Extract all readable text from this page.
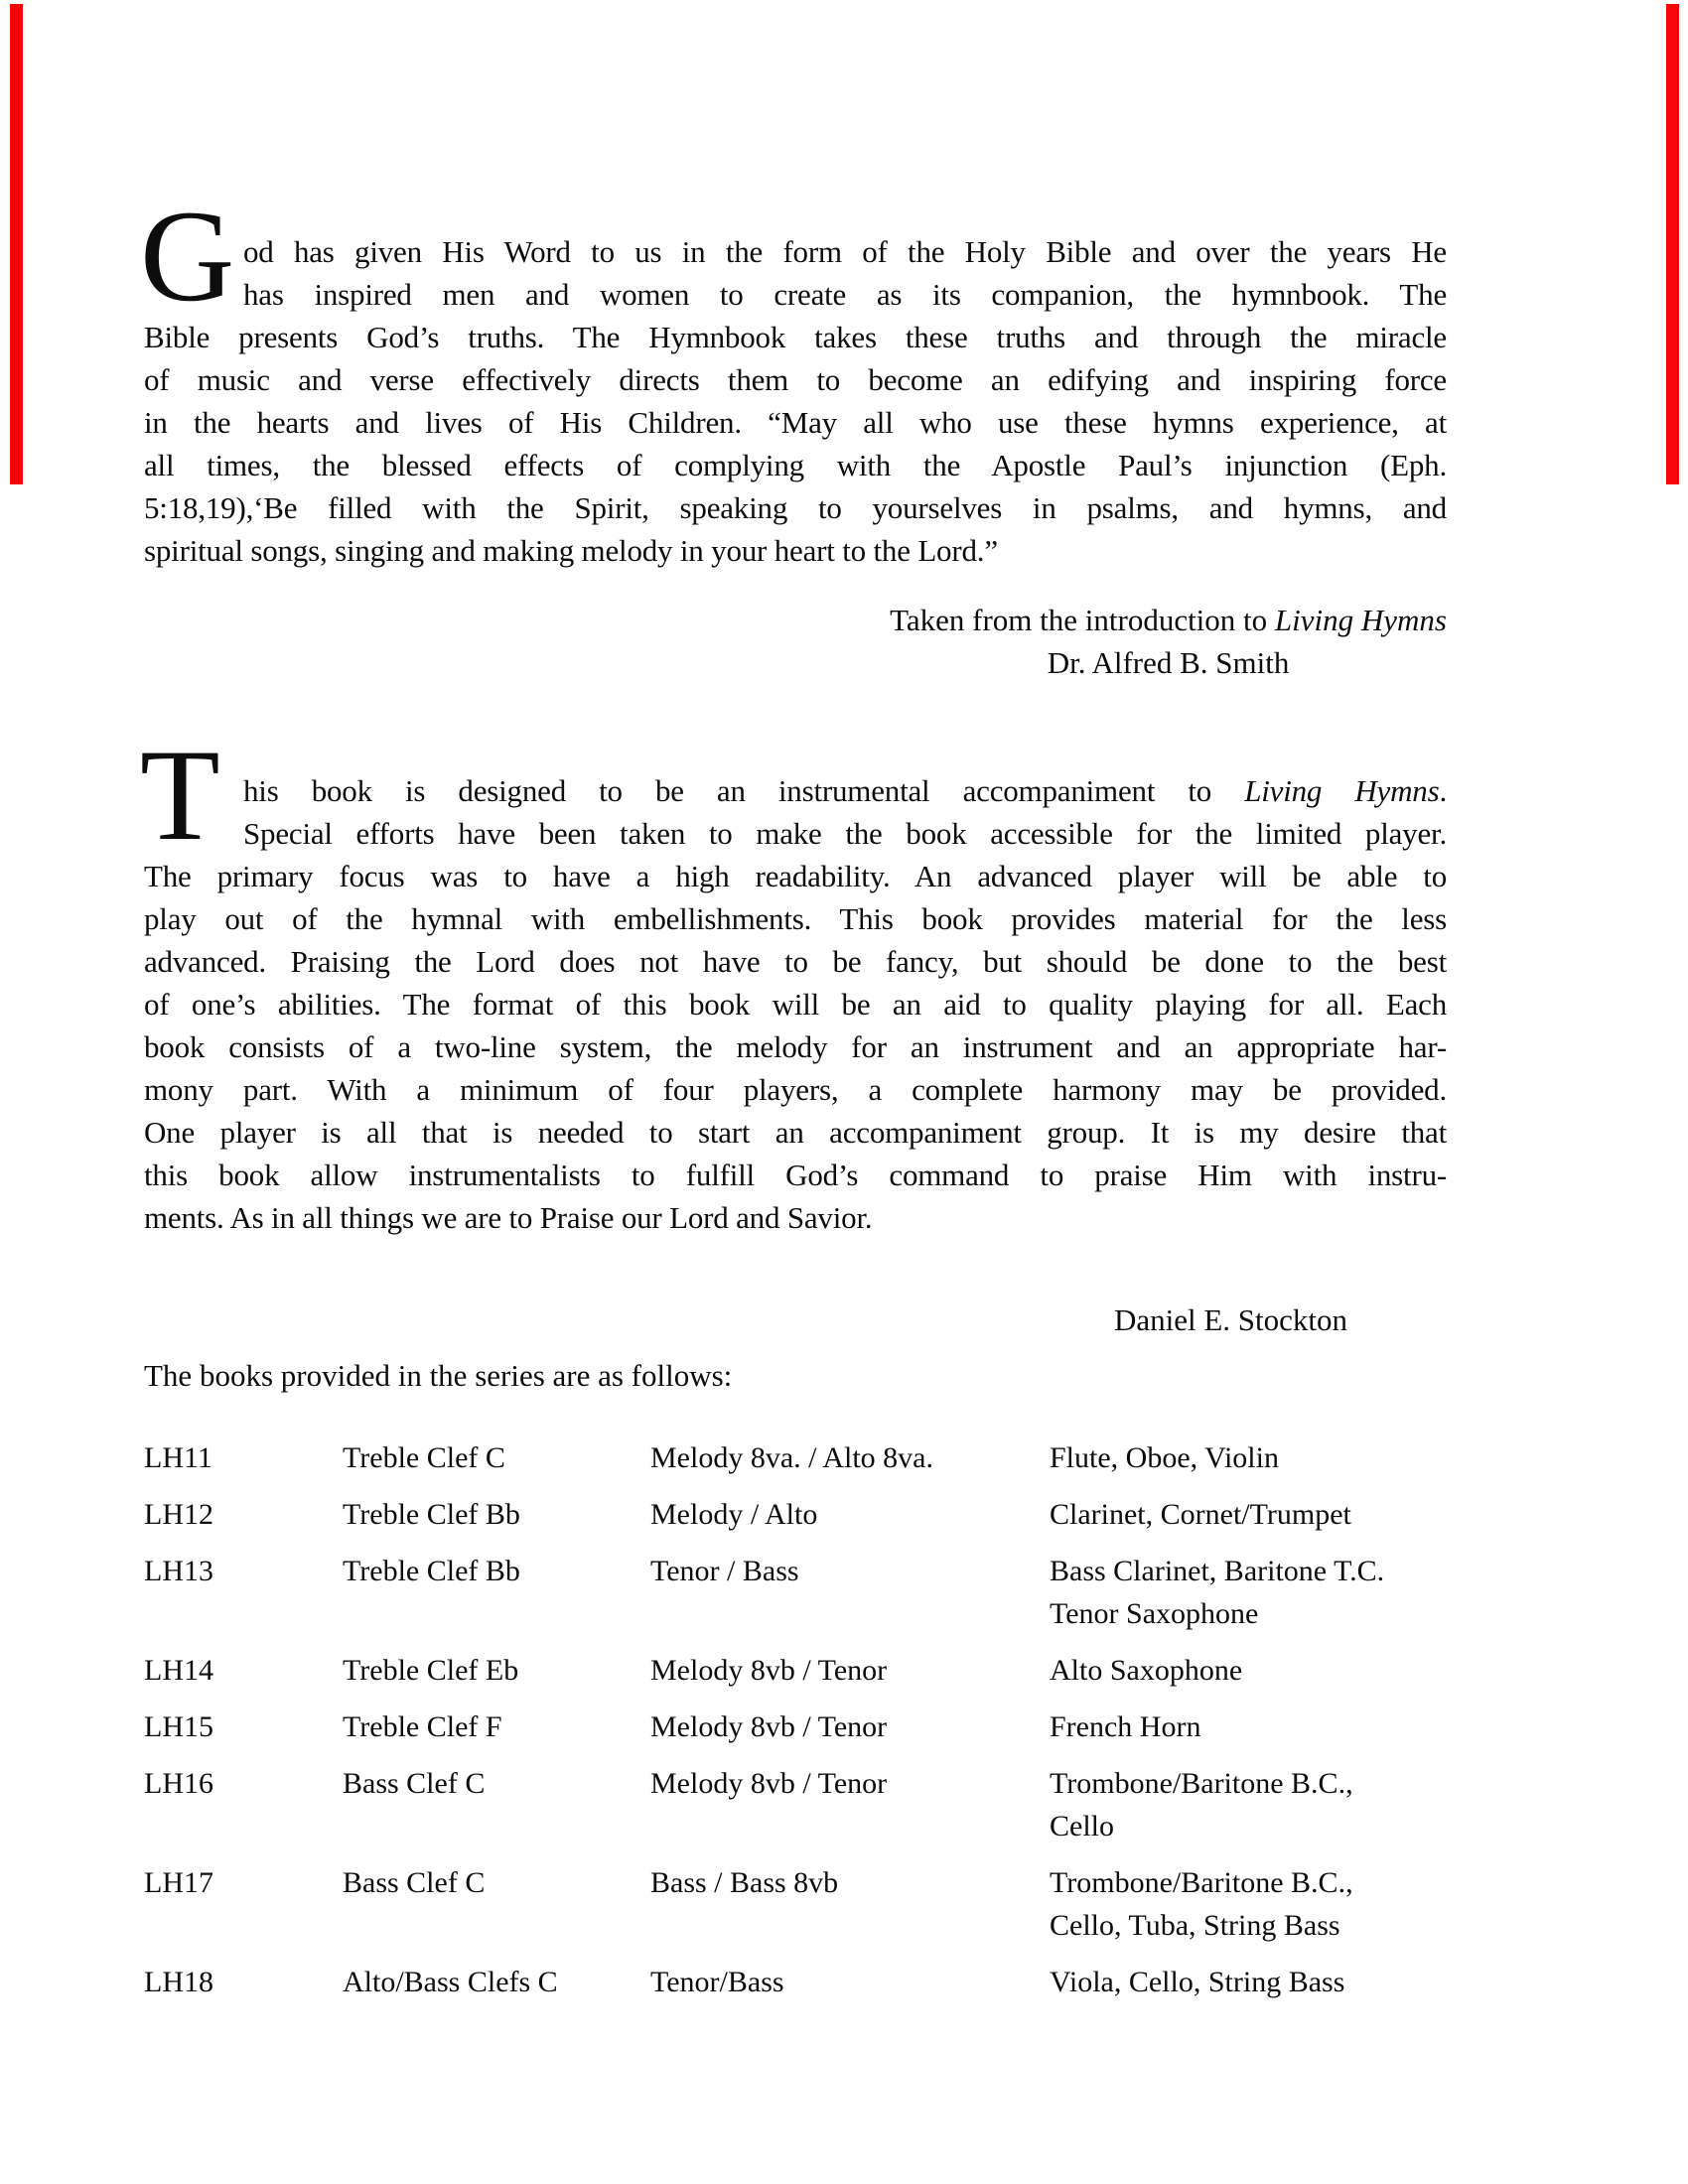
G od has given His Word to us in the form of the Holy Bible and over the years He
has inspired men and women to create as its companion, the hymnbook. The
Bible presents God’s truths. The Hymnbook takes these truths and through the miracle
of music and verse effectively directs them to become an edifying and inspiring force
in the hearts and lives of His Children. “May all who use these hymns experience, at
all times, the blessed effects of complying with the Apostle Paul’s injunction (Eph.
5:18,19),‘Be filled with the Spirit, speaking to yourselves in psalms, and hymns, and
spiritual songs, singing and making melody in your heart to the Lord.”
Taken from the introduction to Living Hymns
Dr. Alfred B. Smith
T his book is designed to be an instrumental accompaniment to Living Hymns.
Special efforts have been taken to make the book accessible for the limited player.
The primary focus was to have a high readability. An advanced player will be able to
play out of the hymnal with embellishments. This book provides material for the less
advanced. Praising the Lord does not have to be fancy, but should be done to the best
of one’s abilities. The format of this book will be an aid to quality playing for all. Each
book consists of a two-line system, the melody for an instrument and an appropriate har-
mony part. With a minimum of four players, a complete harmony may be provided.
One player is all that is needed to start an accompaniment group. It is my desire that
this book allow instrumentalists to fulfill God’s command to praise Him with instru-
ments. As in all things we are to Praise our Lord and Savior.
Daniel E. Stockton
The books provided in the series are as follows:
LH11	Treble Clef C	Melody 8va. / Alto 8va.	Flute, Oboe, Violin
LH12	Treble Clef Bb	Melody / Alto	Clarinet, Cornet/Trumpet
LH13	Treble Clef Bb	Tenor / Bass	Bass Clarinet, Baritone T.C.
Tenor Saxophone
LH14	Treble Clef Eb	Melody 8vb / Tenor	Alto Saxophone
LH15	Treble Clef F	Melody 8vb / Tenor	French Horn
LH16	Bass Clef C	Melody 8vb / Tenor	Trombone/Baritone B.C.,
Cello
LH17	Bass Clef C	Bass / Bass 8vb	Trombone/Baritone B.C.,
Cello, Tuba, String Bass
LH18	Alto/Bass Clefs C	Tenor/Bass	Viola, Cello, String Bass
